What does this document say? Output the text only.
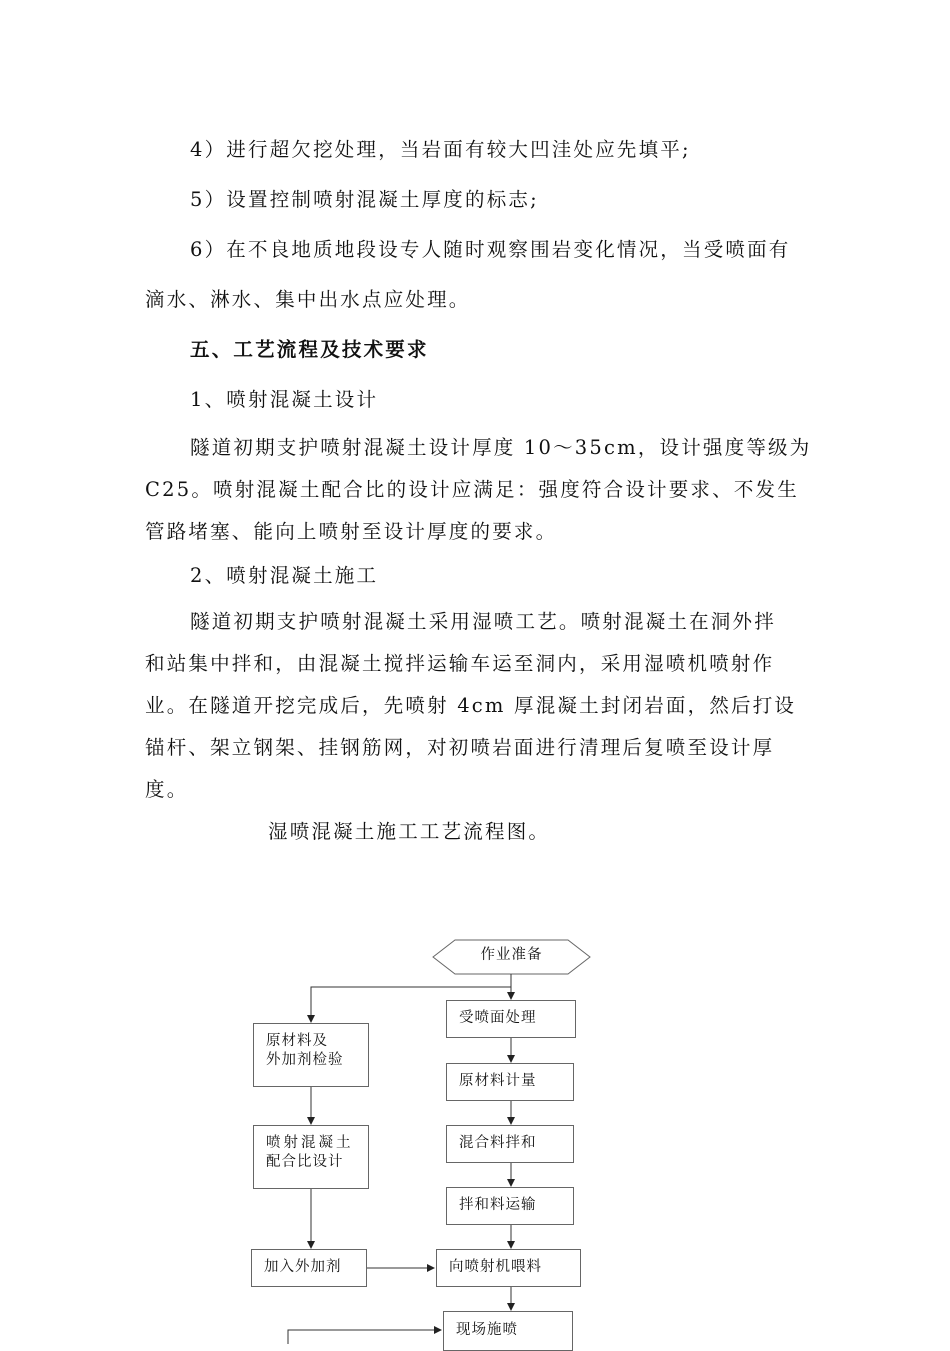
4）进行超欠挖处理，当岩面有较大凹洼处应先填平;
5）设置控制喷射混凝土厚度的标志;
6）在不良地质地段设专人随时观察围岩变化情况，当受喷面有
滴水、淋水、集中出水点应处理。
五、工艺流程及技术要求
1、喷射混凝土设计
隧道初期支护喷射混凝土设计厚度 10～35cm，设计强度等级为
C25。喷射混凝土配合比的设计应满足：强度符合设计要求、不发生
管路堵塞、能向上喷射至设计厚度的要求。
2、喷射混凝土施工
隧道初期支护喷射混凝土采用湿喷工艺。喷射混凝土在洞外拌
和站集中拌和，由混凝土搅拌运输车运至洞内，采用湿喷机喷射作
业。在隧道开挖完成后，先喷射 4cm 厚混凝土封闭岩面，然后打设
锚杆、架立钢架、挂钢筋网，对初喷岩面进行清理后复喷至设计厚
度。
湿喷混凝土施工工艺流程图。
作业准备
受喷面处理
原材料计量
混合料拌和
拌和料运输
向喷射机喂料
现场施喷
原材料及
外加剂检验
喷射混凝土
配合比设计
加入外加剂
